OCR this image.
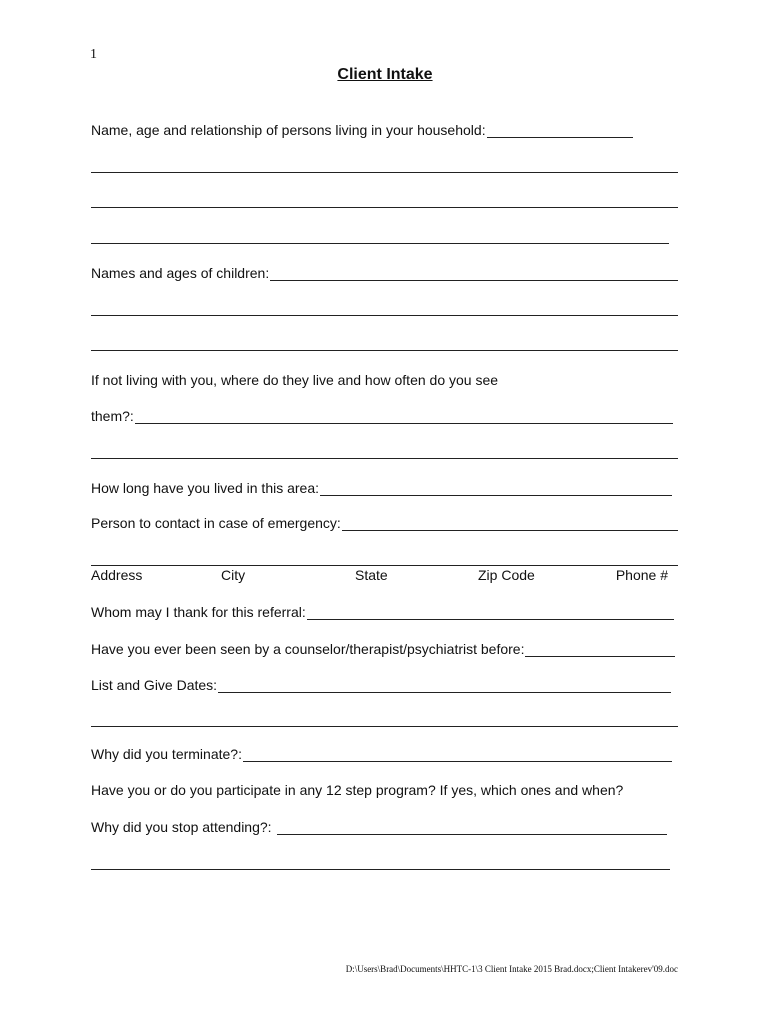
1
Client Intake
Name, age and relationship of persons living in your household:
Names and ages of children:
If not living with you, where do they live and how often do you see
them?:
How long have you lived in this area:
Person to contact in case of emergency:
Address	City	State	Zip Code	Phone #
Whom may I thank for this referral:
Have you ever been seen by a counselor/therapist/psychiatrist before:
List and Give Dates:
Why did you terminate?:
Have you or do you participate in any 12 step program? If yes, which ones and when?
Why did you stop attending?:
D:\Users\Brad\Documents\HHTC-1\3 Client Intake 2015 Brad.docx;Client Intakerev'09.doc
